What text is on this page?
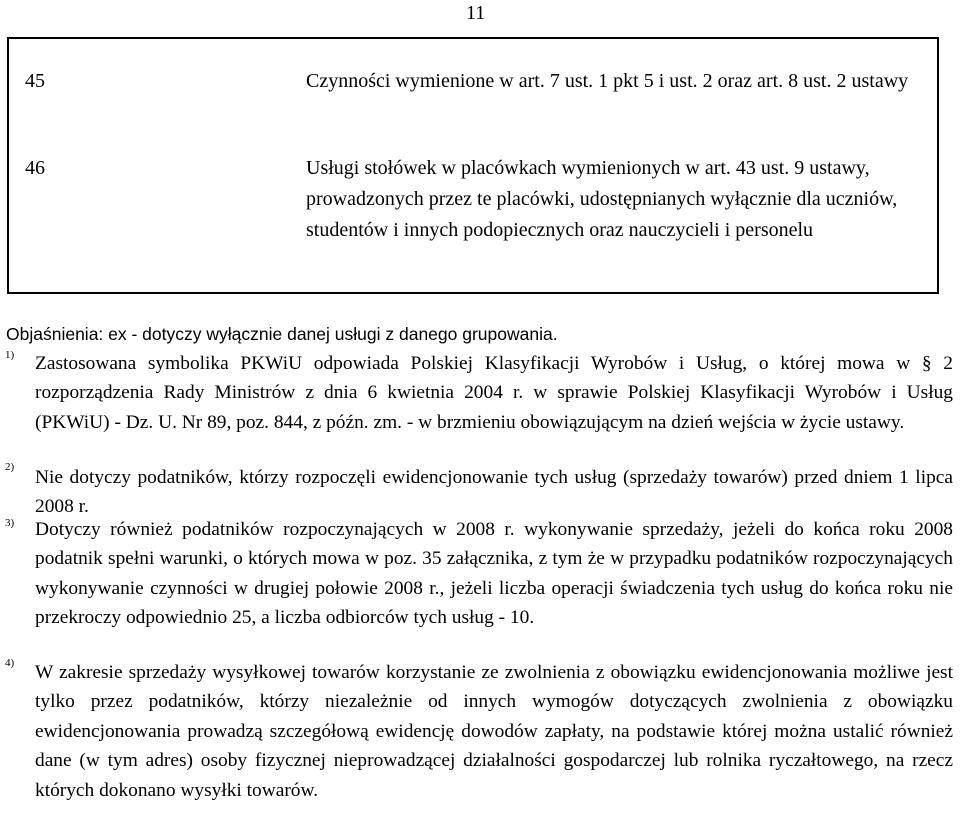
11
45	Czynności wymienione w art. 7 ust. 1 pkt 5 i ust. 2 oraz art. 8 ust. 2 ustawy
46	Usługi stołówek w placówkach wymienionych w art. 43 ust. 9 ustawy, prowadzonych przez te placówki, udostępnianych wyłącznie dla uczniów, studentów i innych podopiecznych oraz nauczycieli i personelu
Objaśnienia: ex - dotyczy wyłącznie danej usługi z danego grupowania.
1) Zastosowana symbolika PKWiU odpowiada Polskiej Klasyfikacji Wyrobów i Usług, o której mowa w § 2 rozporządzenia Rady Ministrów z dnia 6 kwietnia 2004 r. w sprawie Polskiej Klasyfikacji Wyrobów i Usług (PKWiU) - Dz. U. Nr 89, poz. 844, z późn. zm. - w brzmieniu obowiązującym na dzień wejścia w życie ustawy.
2) Nie dotyczy podatników, którzy rozpoczęli ewidencjonowanie tych usług (sprzedaży towarów) przed dniem 1 lipca 2008 r.
3) Dotyczy również podatników rozpoczynających w 2008 r. wykonywanie sprzedaży, jeżeli do końca roku 2008 podatnik spełni warunki, o których mowa w poz. 35 załącznika, z tym że w przypadku podatników rozpoczynających wykonywanie czynności w drugiej połowie 2008 r., jeżeli liczba operacji świadczenia tych usług do końca roku nie przekroczy odpowiednio 25, a liczba odbiorców tych usług - 10.
4) W zakresie sprzedaży wysyłkowej towarów korzystanie ze zwolnienia z obowiązku ewidencjonowania możliwe jest tylko przez podatników, którzy niezależnie od innych wymogów dotyczących zwolnienia z obowiązku ewidencjonowania prowadzą szczegółową ewidencję dowodów zapłaty, na podstawie której można ustalić również dane (w tym adres) osoby fizycznej nieprowadzącej działalności gospodarczej lub rolnika ryczałtowego, na rzecz których dokonano wysyłki towarów.
